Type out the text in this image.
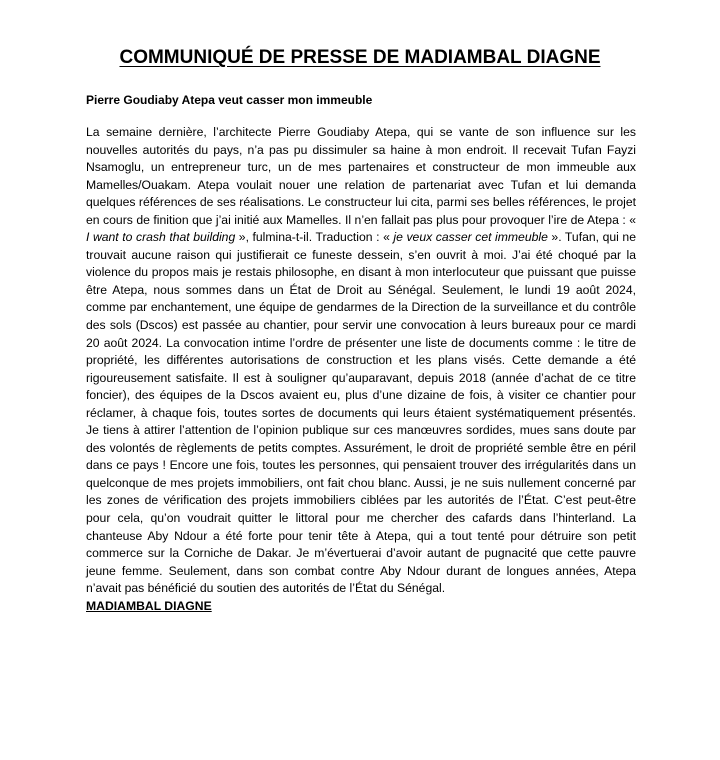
COMMUNIQUÉ DE PRESSE DE MADIAMBAL DIAGNE
Pierre Goudiaby Atepa veut casser mon immeuble

La semaine dernière, l’architecte Pierre Goudiaby Atepa, qui se vante de son influence sur les nouvelles autorités du pays, n’a pas pu dissimuler sa haine à mon endroit. Il recevait Tufan Fayzi Nsamoglu, un entrepreneur turc, un de mes partenaires et constructeur de mon immeuble aux Mamelles/Ouakam. Atepa voulait nouer une relation de partenariat avec Tufan et lui demanda quelques références de ses réalisations. Le constructeur lui cita, parmi ses belles références, le projet en cours de finition que j’ai initié aux Mamelles. Il n’en fallait pas plus pour provoquer l’ire de Atepa : « I want to crash that building », fulmina-t-il. Traduction : « je veux casser cet immeuble ». Tufan, qui ne trouvait aucune raison qui justifierait ce funeste dessein, s’en ouvrit à moi. J’ai été choqué par la violence du propos mais je restais philosophe, en disant à mon interlocuteur que puissant que puisse être Atepa, nous sommes dans un État de Droit au Sénégal. Seulement, le lundi 19 août 2024, comme par enchantement, une équipe de gendarmes de la Direction de la surveillance et du contrôle des sols (Dscos) est passée au chantier, pour servir une convocation à leurs bureaux pour ce mardi 20 août 2024. La convocation intime l’ordre de présenter une liste de documents comme : le titre de propriété, les différentes autorisations de construction et les plans visés. Cette demande a été rigoureusement satisfaite. Il est à souligner qu’auparavant, depuis 2018 (année d’achat de ce titre foncier), des équipes de la Dscos avaient eu, plus d’une dizaine de fois, à visiter ce chantier pour réclamer, à chaque fois, toutes sortes de documents qui leurs étaient systématiquement présentés. Je tiens à attirer l’attention de l’opinion publique sur ces manœuvres sordides, mues sans doute par des volontés de règlements de petits comptes. Assurément, le droit de propriété semble être en péril dans ce pays ! Encore une fois, toutes les personnes, qui pensaient trouver des irrégularités dans un quelconque de mes projets immobiliers, ont fait chou blanc. Aussi, je ne suis nullement concerné par les zones de vérification des projets immobiliers ciblées par les autorités de l’État. C’est peut-être pour cela, qu’on voudrait quitter le littoral pour me chercher des cafards dans l’hinterland. La chanteuse Aby Ndour a été forte pour tenir tête à Atepa, qui a tout tenté pour détruire son petit commerce sur la Corniche de Dakar. Je m’évertuerai d’avoir autant de pugnacité que cette pauvre jeune femme. Seulement, dans son combat contre Aby Ndour durant de longues années, Atepa n’avait pas bénéficié du soutien des autorités de l’État du Sénégal.

MADIAMBAL DIAGNE
